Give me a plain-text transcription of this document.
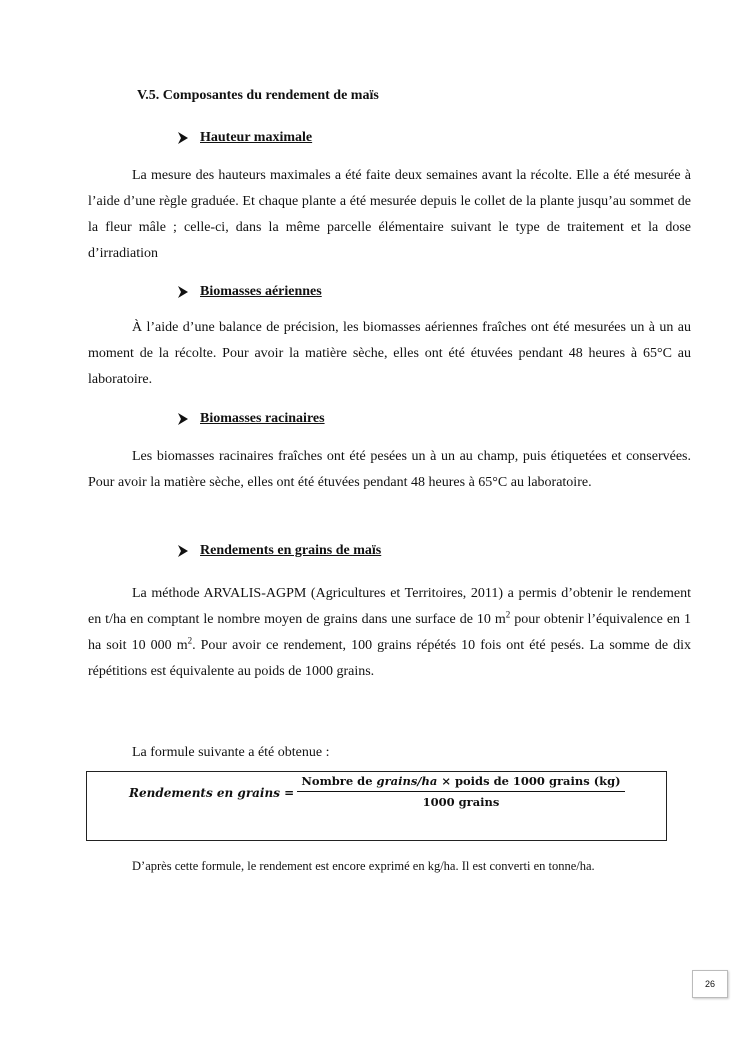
V.5. Composantes du rendement de maïs
Hauteur maximale
La mesure des hauteurs maximales a été faite deux semaines avant la récolte. Elle a été mesurée à l’aide d’une règle graduée. Et chaque plante a été mesurée depuis le collet de la plante jusqu’au sommet de la fleur mâle ; celle-ci, dans la même parcelle élémentaire suivant le type de traitement et la dose d’irradiation
Biomasses aériennes
À l’aide d’une balance de précision, les biomasses aériennes fraîches ont été mesurées un à un au moment de la récolte. Pour avoir la matière sèche, elles ont été étuvées pendant 48 heures à 65°C au laboratoire.
Biomasses racinaires
Les biomasses racinaires fraîches ont été pesées un à un au champ, puis étiquetées et conservées. Pour avoir la matière sèche, elles ont été étuvées pendant 48 heures à 65°C au laboratoire.
Rendements en grains de maïs
La méthode ARVALIS-AGPM (Agricultures et Territoires, 2011) a permis d’obtenir le rendement en t/ha en comptant le nombre moyen de grains dans une surface de 10 $m^2$ pour obtenir l’équivalence en 1 ha soit 10 000 $m^2$. Pour avoir ce rendement, 100 grains répétés 10 fois ont été pesés. La somme de dix répétitions est équivalente au poids de 1000 grains.
La formule suivante a été obtenue :
Rendements en grains =
Nombre de grains/ha × poids de 1000 grains (kg)
1000 grains
D’après cette formule, le rendement est encore exprimé en kg/ha. Il est converti en tonne/ha.
26
